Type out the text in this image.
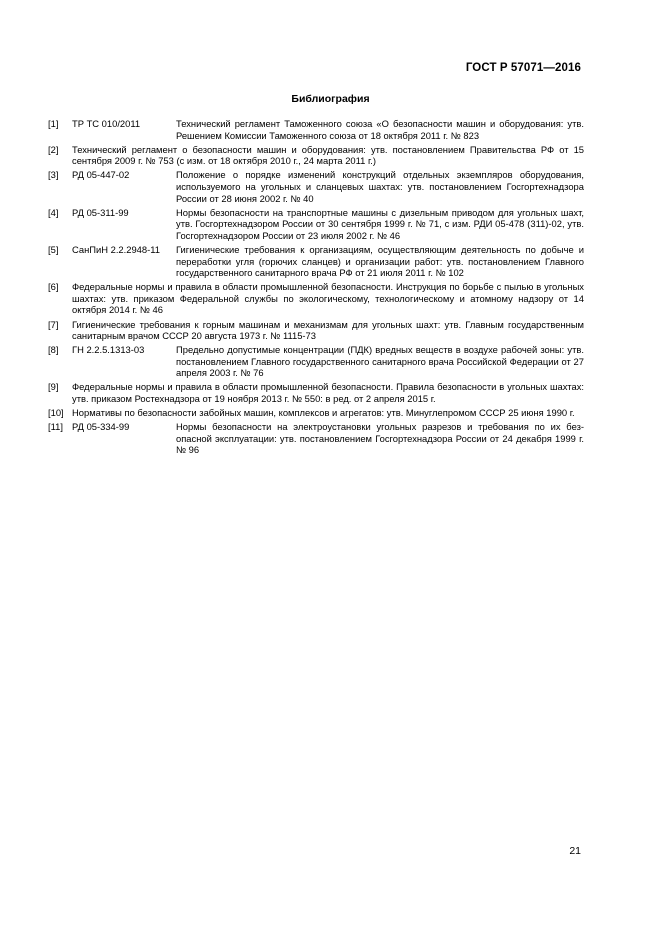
ГОСТ Р 57071—2016
Библиография
[1]	ТР ТС 010/2011	Технический регламент Таможенного союза «О безопасности машин и оборудования: утв. Решением Комиссии Таможенного союза от 18 октября 2011 г. № 823

[2]	Технический регламент о безопасности машин и оборудования: утв. постановлением Правительства РФ от 15 сентября 2009 г. № 753 (с изм. от 18 октября 2010 г., 24 марта 2011 г.)

[3]	РД 05-447-02	Положение о порядке изменений конструкций отдельных экземпляров оборудования, используемого на угольных и сланцевых шахтах: утв. постановлением Госгортехнадзора России от 28 июня 2002 г. № 40

[4]	РД 05-311-99	Нормы безопасности на транспортные машины с дизельным приводом для угольных шахт, утв. Госгортехнадзором России от 30 сентября 1999 г. № 71, с изм. РДИ 05-478 (311)-02, утв. Госгортехнадзором России от 23 июля 2002 г. № 46

[5]	СанПиН 2.2.2948-11	Гигиенические требования к организациям, осуществляющим деятельность по добыче и переработки угля (горючих сланцев) и организации работ: утв. постановлением Главного государственного санитарного врача РФ от 21 июля 2011 г. № 102

[6]	Федеральные нормы и правила в области промышленной безопасности. Инструкция по борьбе с пылью в угольных шахтах: утв. приказом Федеральной службы по экологическому, технологическому и атомному надзору от 14 октября 2014 г. № 46

[7]	Гигиенические требования к горным машинам и механизмам для угольных шахт: утв. Главным государственным санитарным врачом СССР 20 августа 1973 г. № 1115-73

[8]	ГН 2.2.5.1313-03	Предельно допустимые концентрации (ПДК) вредных веществ в воздухе рабочей зоны: утв. постановлением Главного государственного санитарного врача Российской Федерации от 27 апреля 2003 г. № 76

[9]	Федеральные нормы и правила в области промышленной безопасности. Правила безопасности в угольных шахтах: утв. приказом Ростехнадзора от 19 ноября 2013 г. № 550: в ред. от 2 апреля 2015 г.

[10] Нормативы по безопасности забойных машин, комплексов и агрегатов: утв. Минуглепромом СССР 25 июня 1990 г.

[11] РД 05-334-99	Нормы безопасности на электроустановки угольных разрезов и требования по их безопасной эксплуатации: утв. постановлением Госгортехнадзора России от 24 декабря 1999 г. № 96

21
